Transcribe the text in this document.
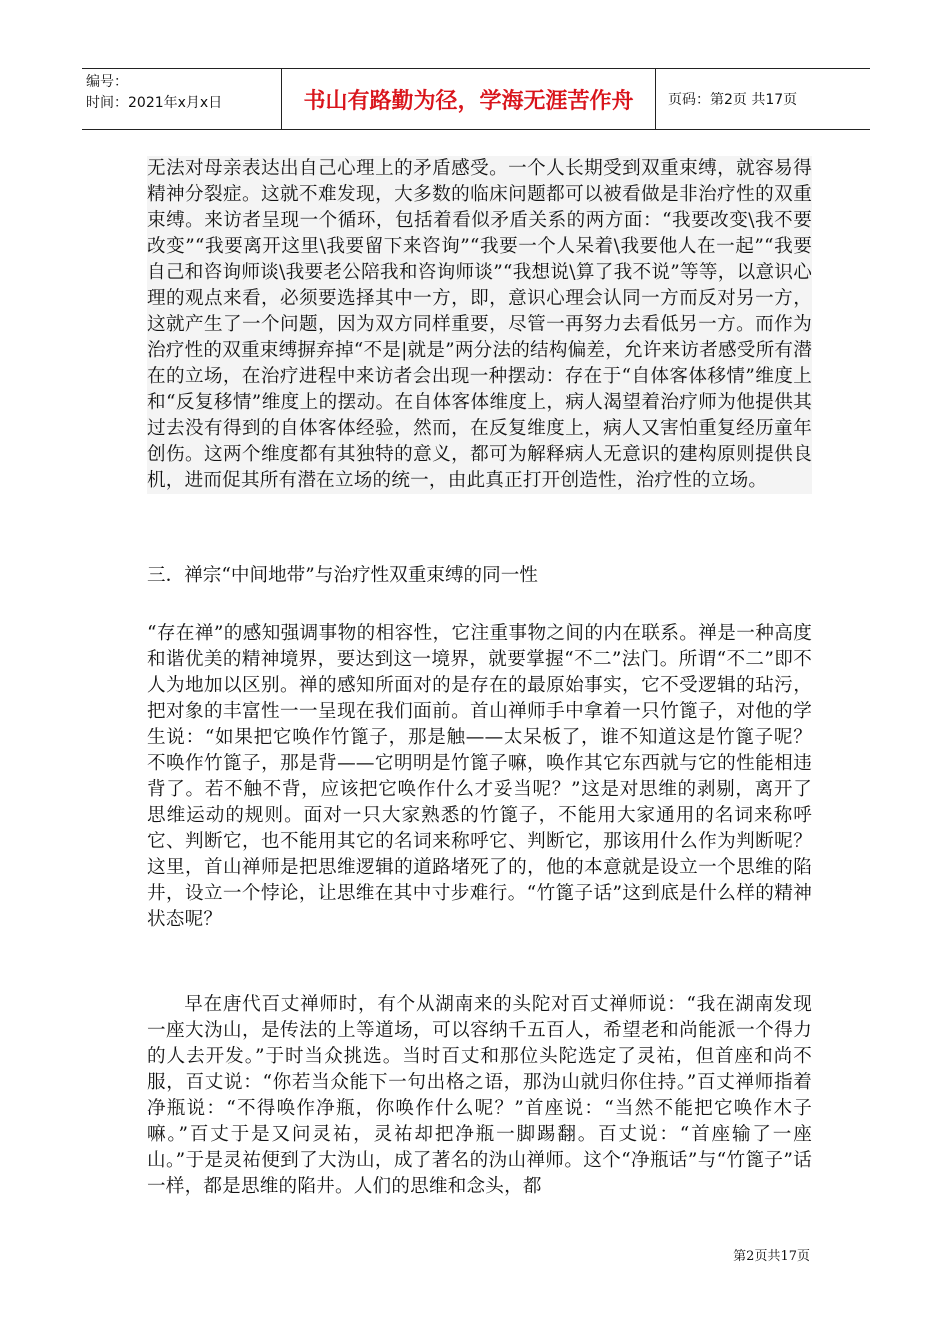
编号：
时间：2021年x月x日	书山有路勤为径，学海无涯苦作舟	页码：第2页 共17页

无法对母亲表达出自己心理上的矛盾感受。一个人长期受到双重束缚，就容易得精神分裂症。这就不难发现，大多数的临床问题都可以被看做是非治疗性的双重束缚。来访者呈现一个循环，包括着看似矛盾关系的两方面：“我要改变\我不要改变”“我要离开这里\我要留下来咨询”“我要一个人呆着\我要他人在一起”“我要自己和咨询师谈\我要老公陪我和咨询师谈”“我想说\算了我不说”等等，以意识心理的观点来看，必须要选择其中一方，即，意识心理会认同一方而反对另一方，这就产生了一个问题，因为双方同样重要，尽管一再努力去看低另一方。而作为治疗性的双重束缚摒弃掉“不是|就是”两分法的结构偏差，允许来访者感受所有潜在的立场，在治疗进程中来访者会出现一种摆动：存在于“自体客体移情”维度上和“反复移情”维度上的摆动。在自体客体维度上，病人渴望着治疗师为他提供其过去没有得到的自体客体经验，然而，在反复维度上，病人又害怕重复经历童年创伤。这两个维度都有其独特的意义，都可为解释病人无意识的建构原则提供良机，进而促其所有潜在立场的统一，由此真正打开创造性，治疗性的立场。

三．禅宗“中间地带”与治疗性双重束缚的同一性

“存在禅”的感知强调事物的相容性，它注重事物之间的内在联系。禅是一种高度和谐优美的精神境界，要达到这一境界，就要掌握“不二”法门。所谓“不二”即不人为地加以区别。禅的感知所面对的是存在的最原始事实，它不受逻辑的玷污，把对象的丰富性一一呈现在我们面前。首山禅师手中拿着一只竹篦子，对他的学生说：“如果把它唤作竹篦子，那是触——太呆板了，谁不知道这是竹篦子呢？不唤作竹篦子，那是背——它明明是竹篦子嘛，唤作其它东西就与它的性能相违背了。若不触不背，应该把它唤作什么才妥当呢？”这是对思维的剥剔，离开了思维运动的规则。面对一只大家熟悉的竹篦子，不能用大家通用的名词来称呼它、判断它，也不能用其它的名词来称呼它、判断它，那该用什么作为判断呢？这里，首山禅师是把思维逻辑的道路堵死了的，他的本意就是设立一个思维的陷井，设立一个悖论，让思维在其中寸步难行。“竹篦子话”这到底是什么样的精神状态呢？

早在唐代百丈禅师时，有个从湖南来的头陀对百丈禅师说：“我在湖南发现一座大沩山，是传法的上等道场，可以容纳千五百人，希望老和尚能派一个得力的人去开发。”于时当众挑选。当时百丈和那位头陀选定了灵祐，但首座和尚不服，百丈说：“你若当众能下一句出格之语，那沩山就归你住持。”百丈禅师指着净瓶说：“不得唤作净瓶，你唤作什么呢？”首座说：“当然不能把它唤作木子嘛。”百丈于是又问灵祐，灵祐却把净瓶一脚踢翻。百丈说：“首座输了一座山。”于是灵祐便到了大沩山，成了著名的沩山禅师。这个“净瓶话”与“竹篦子”话一样，都是思维的陷井。人们的思维和念头，都

第2页共17页
